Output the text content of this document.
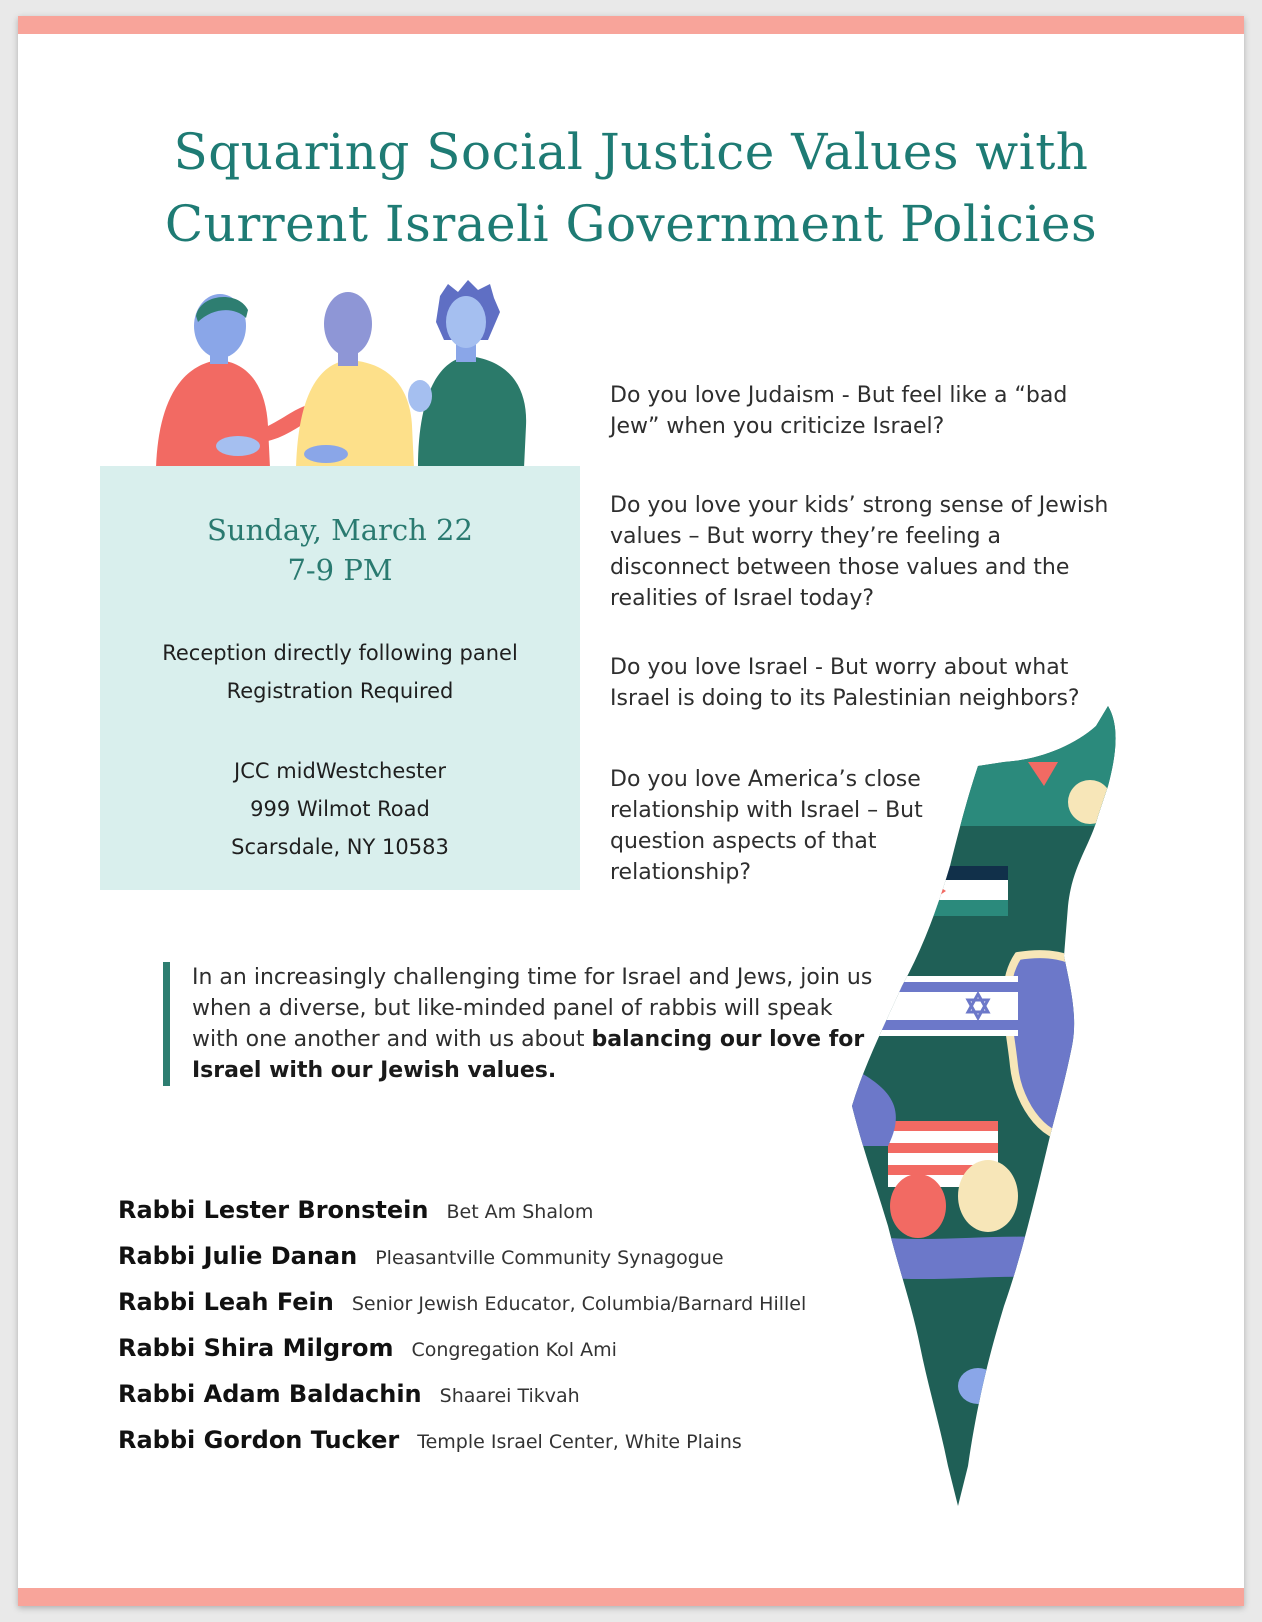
Squaring Social Justice Values with
Current Israeli Government Policies
Sunday, March 22
7-9 PM
Reception directly following panel
Registration Required
JCC midWestchester
999 Wilmot Road
Scarsdale, NY 10583

Do you love Judaism - But feel like a “bad Jew” when you criticize Israel?

Do you love your kids’ strong sense of Jewish values – But worry they’re feeling a disconnect between those values and the realities of Israel today?

Do you love Israel - But worry about what Israel is doing to its Palestinian neighbors?

Do you love America’s close relationship with Israel – But question aspects of that relationship?

In an increasingly challenging time for Israel and Jews, join us when a diverse, but like-minded panel of rabbis will speak with one another and with us about balancing our love for Israel with our Jewish values.
Rabbi Lester Bronstein Bet Am Shalom
Rabbi Julie Danan Pleasantville Community Synagogue
Rabbi Leah Fein Senior Jewish Educator, Columbia/Barnard Hillel
Rabbi Shira Milgrom Congregation Kol Ami
Rabbi Adam Baldachin Shaarei Tikvah
Rabbi Gordon Tucker Temple Israel Center, White Plains
